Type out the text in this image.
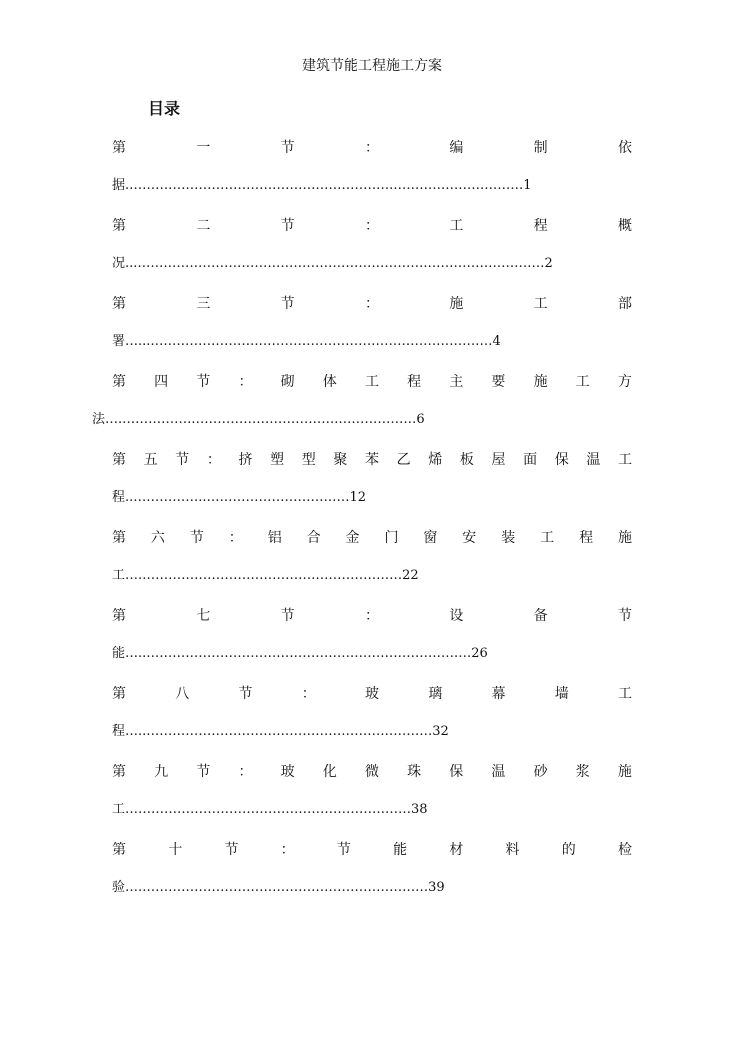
建筑节能工程施工方案
目录
第	一	节	：	编	制	依
据.…………………………………………………….…………………………1
第	二	节	：	工	程	概
况...………………………………………………………….………………………2
第	三	节	：	施	工	部
署…...…………………….………………………………………………4
第 四 节 ： 砌 体 工 程 主 要 施 工 方
法….…………….…………………………….………………6
第 五 节 ： 挤 塑 型 聚 苯 乙 烯 板 屋 面 保 温 工
程..……………..……………………………12
第 六 节 ： 铝 合 金 门 窗 安 装 工 程 施
工….……………………………………………………22
第	七	节	：	设	备	节
能…..…………………………………………………………………26
第	八	节	：	玻	璃	幕	墙	工
程…..…………………………………………………………32
第 九 节 ： 玻 化 微 珠 保 温 砂 浆 施
工…………………………………………………………38
第	十	节	：	节	能	材	料	的	检
验….…………………………………………………………39
